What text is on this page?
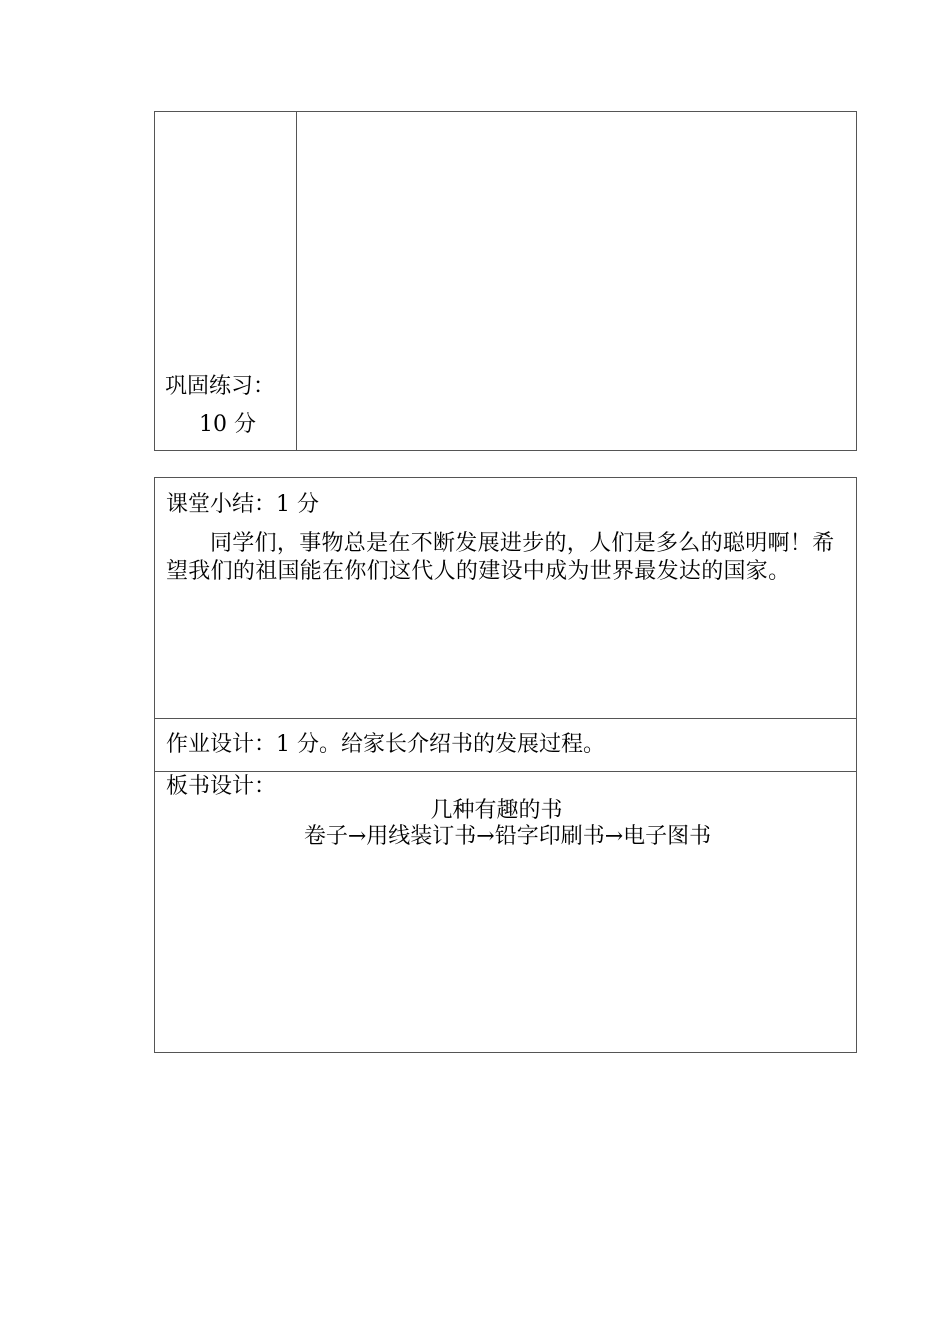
巩固练习：
10 分
课堂小结：1 分
同学们，事物总是在不断发展进步的，人们是多么的聪明啊！希望我们的祖国能在你们这代人的建设中成为世界最发达的国家。
作业设计：1 分。给家长介绍书的发展过程。
板书设计：
几种有趣的书
卷子→用线装订书→铅字印刷书→电子图书
